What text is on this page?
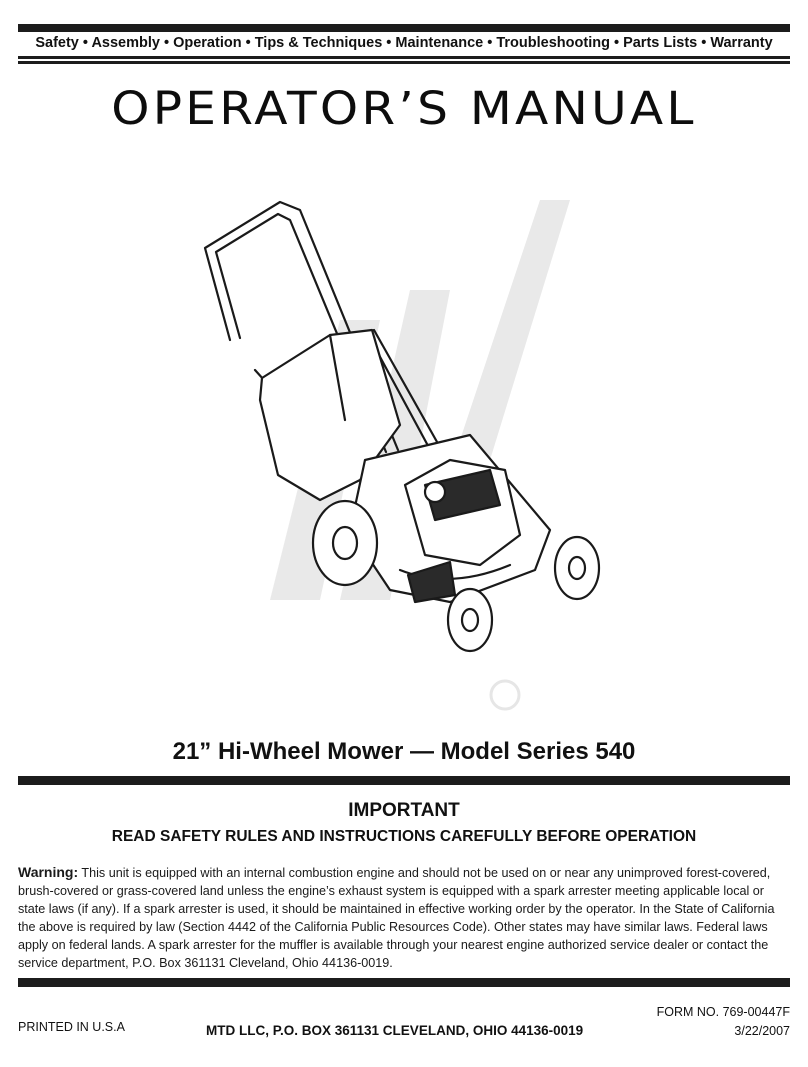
Safety • Assembly • Operation • Tips & Techniques • Maintenance • Troubleshooting • Parts Lists • Warranty
OPERATOR’S MANUAL
21” Hi-Wheel Mower — Model Series 540
IMPORTANT
READ SAFETY RULES AND INSTRUCTIONS CAREFULLY BEFORE OPERATION
Warning: This unit is equipped with an internal combustion engine and should not be used on or near any unimproved forest-covered, brush-covered or grass-covered land unless the engine’s exhaust system is equipped with a spark arrester meeting applicable local or state laws (if any). If a spark arrester is used, it should be maintained in effective working order by the operator. In the State of California the above is required by law (Section 4442 of the California Public Resources Code). Other states may have similar laws. Federal laws apply on federal lands. A spark arrester for the muffler is available through your nearest engine authorized service dealer or contact the service department, P.O. Box 361131 Cleveland, Ohio 44136-0019.
PRINTED IN U.S.A	MTD LLC, P.O. BOX 361131 CLEVELAND, OHIO 44136-0019
FORM NO. 769-00447F
3/22/2007
